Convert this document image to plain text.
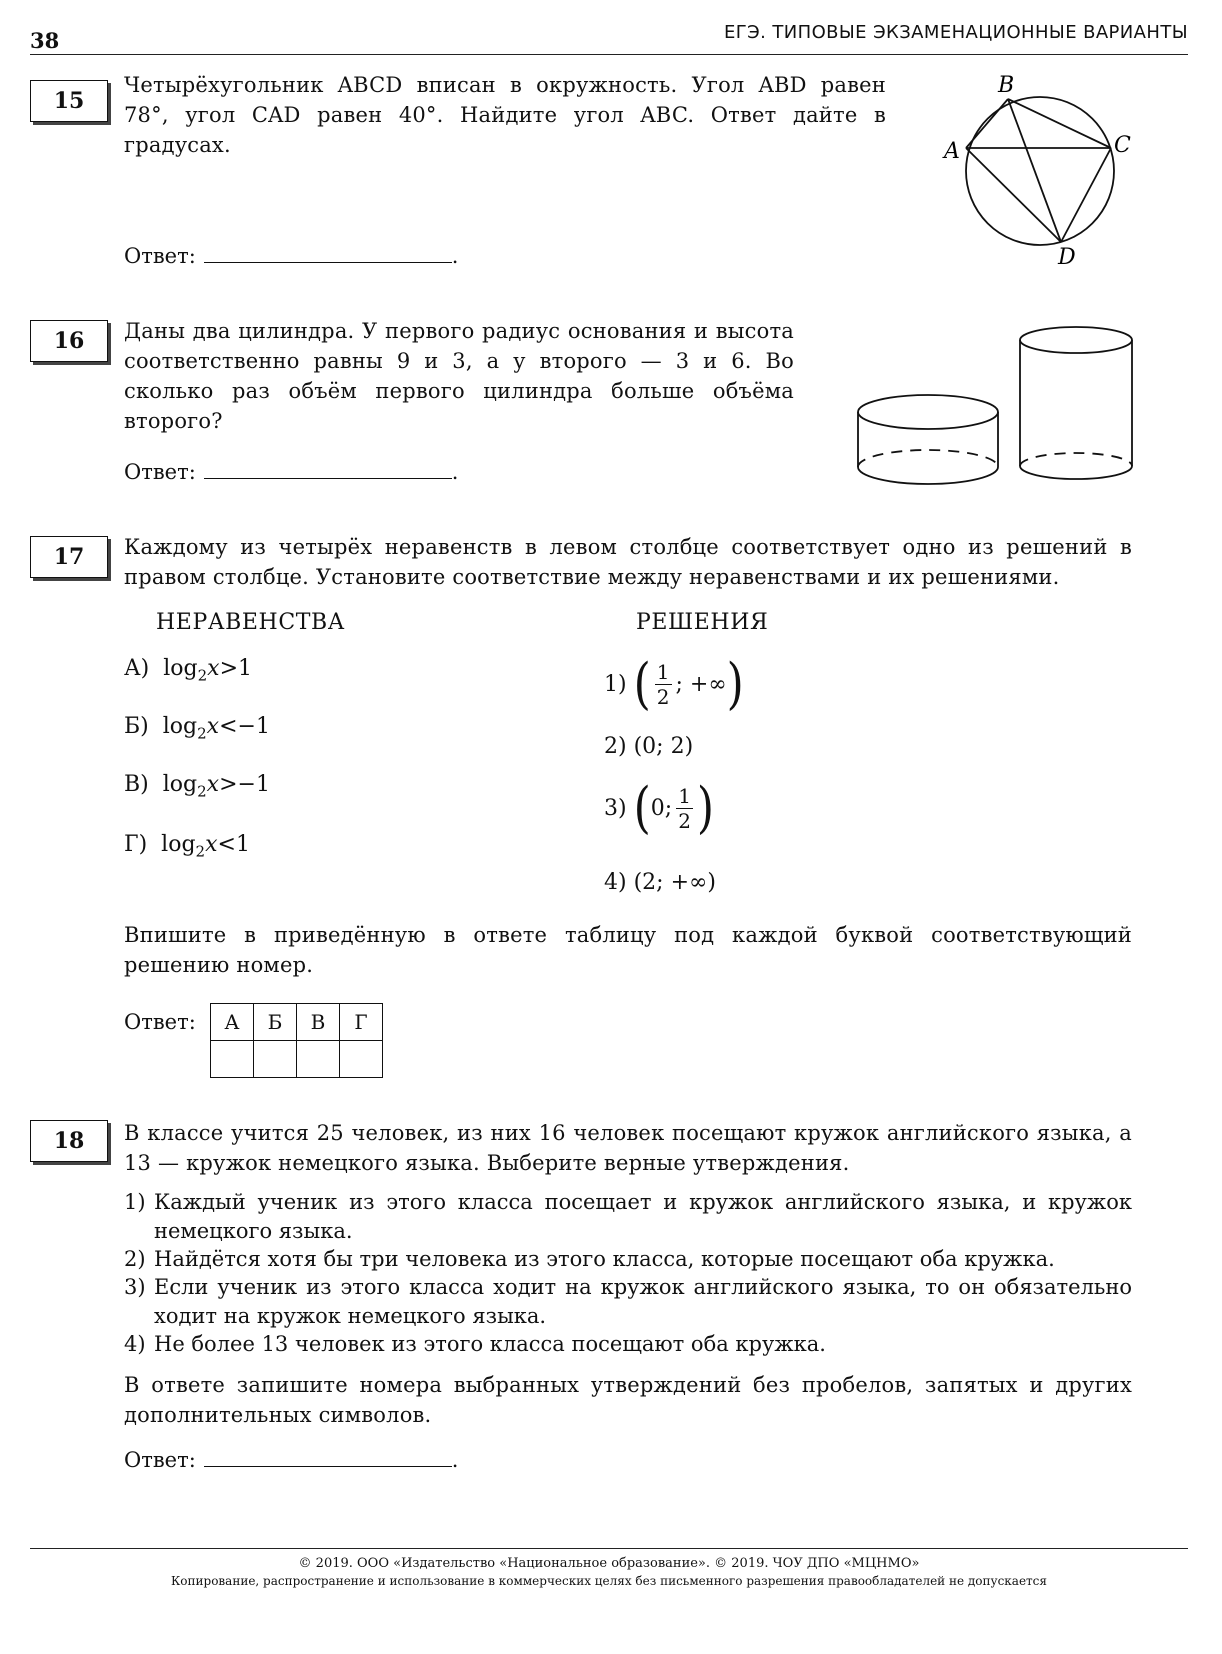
38	ЕГЭ. ТИПОВЫЕ ЭКЗАМЕНАЦИОННЫЕ ВАРИАНТЫ
15
Четырёхугольник ABCD вписан в окружность. Угол ABD равен 78°, угол CAD равен 40°. Найдите угол ABC. Ответ дайте в градусах.
Ответ:	.
A
B
C
D
16	Даны два цилиндра. У первого радиус основания и высота соответственно равны 9 и 3, а у второго — 3 и 6. Во сколько раз объём первого цилиндра больше объёма второго?
Ответ:	.
17	Каждому из четырёх неравенств в левом столбце соответствует одно из решений в правом столбце. Установите соответствие между неравенствами и их решениями.
НЕРАВЕНСТВА	РЕШЕНИЯ
А) $\log_2x>1$
Б) $\log_2x<-1$
В) $\log_2x>-1$
Г) $\log_2x<1$
1)
( $\frac{1}{2}$ ; +∞ )
2)
(0; 2)
3)
( 0; $\frac{1}{2}$ )
4)
(2; +∞)
Впишите в приведённую в ответе таблицу под каждой буквой соответствующий решению номер.
Ответ: А	Б	В	Г

18	В классе учится 25 человек, из них 16 человек посещают кружок английского языка, а 13 — кружок немецкого языка. Выберите верные утверждения.
1) Каждый ученик из этого класса посещает и кружок английского языка, и кружок немецкого языка.
2) Найдётся хотя бы три человека из этого класса, которые посещают оба кружка.
3) Если ученик из этого класса ходит на кружок английского языка, то он обязательно ходит на кружок немецкого языка.
4) Не более 13 человек из этого класса посещают оба кружка.
В ответе запишите номера выбранных утверждений без пробелов, запятых и других дополнительных символов.
Ответ:	.
© 2019. ООО «Издательство «Национальное образование». © 2019. ЧОУ ДПО «МЦНМО»
Копирование, распространение и использование в коммерческих целях без письменного разрешения правообладателей не допускается
